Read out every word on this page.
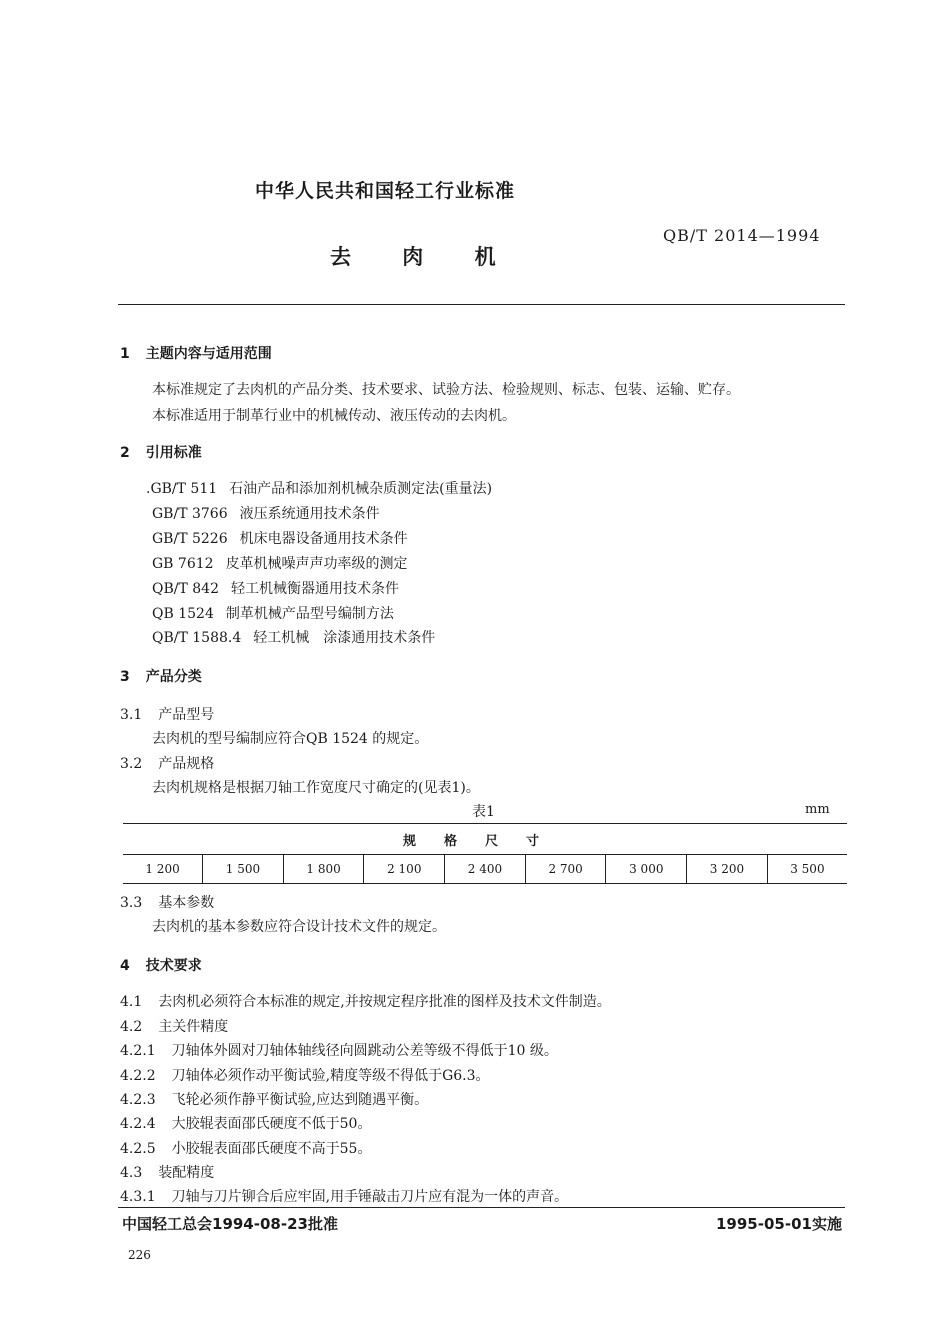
中华人民共和国轻工行业标准
QB/T 2014—1994
去 肉 机
1 主题内容与适用范围
本标准规定了去肉机的产品分类、技术要求、试验方法、检验规则、标志、包装、运输、贮存。
本标准适用于制革行业中的机械传动、液压传动的去肉机。
2 引用标准
.GB/T 511 石油产品和添加剂机械杂质测定法(重量法)
GB/T 3766 液压系统通用技术条件
GB/T 5226 机床电器设备通用技术条件
GB 7612 皮革机械噪声声功率级的测定
QB/T 842 轻工机械衡器通用技术条件
QB 1524 制革机械产品型号编制方法
QB/T 1588.4 轻工机械　涂漆通用技术条件
3 产品分类
3.1 产品型号
去肉机的型号编制应符合QB 1524 的规定。
3.2 产品规格
去肉机规格是根据刀轴工作宽度尺寸确定的(见表1)。
表1	mm
规格尺寸
1 200	1 500	1 800	2 100	2 400	2 700	3 000	3 200	3 500
3.3 基本参数
去肉机的基本参数应符合设计技术文件的规定。
4 技术要求
4.1 去肉机必须符合本标准的规定,并按规定程序批准的图样及技术文件制造。
4.2 主关件精度
4.2.1 刀轴体外圆对刀轴体轴线径向圆跳动公差等级不得低于10 级。
4.2.2 刀轴体必须作动平衡试验,精度等级不得低于G6.3。
4.2.3 飞轮必须作静平衡试验,应达到随遇平衡。
4.2.4 大胶辊表面邵氏硬度不低于50。
4.2.5 小胶辊表面邵氏硬度不高于55。
4.3 装配精度
4.3.1 刀轴与刀片铆合后应牢固,用手锤敲击刀片应有混为一体的声音。
中国轻工总会1994-08-23批准	1995-05-01实施
226
